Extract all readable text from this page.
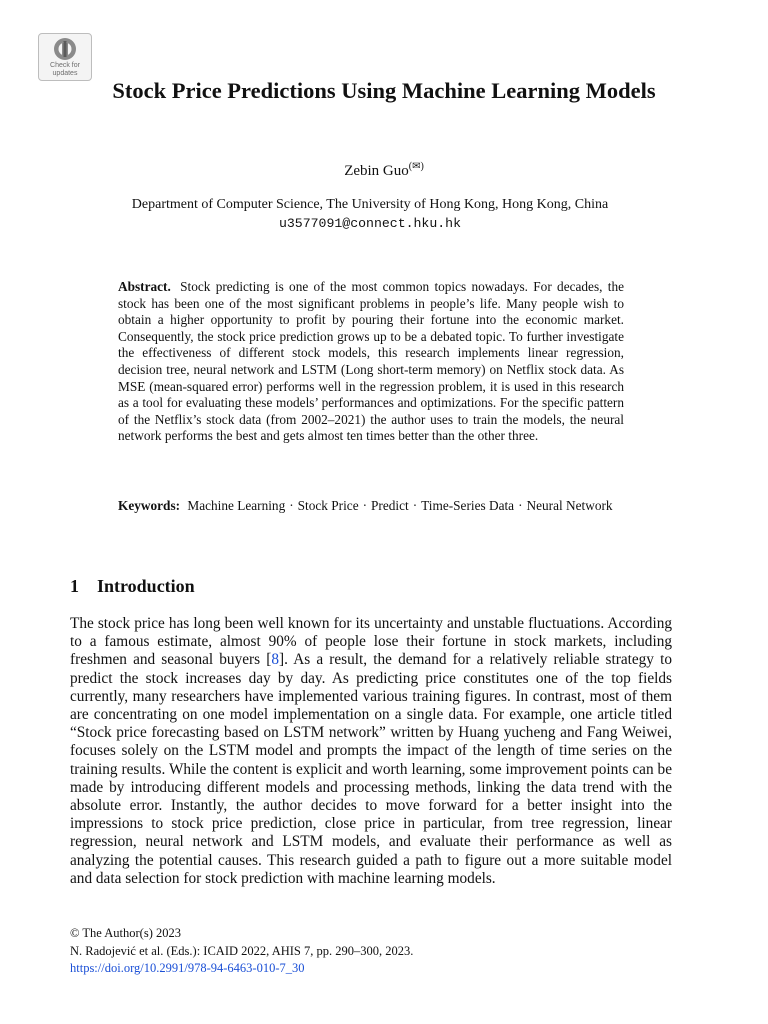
Check for
updates
Stock Price Predictions Using Machine Learning Models
Zebin Guo(✉)
Department of Computer Science, The University of Hong Kong, Hong Kong, China
u3577091@connect.hku.hk
Abstract. Stock predicting is one of the most common topics nowadays. For decades, the stock has been one of the most significant problems in people’s life. Many people wish to obtain a higher opportunity to profit by pouring their fortune into the economic market. Consequently, the stock price prediction grows up to be a debated topic. To further investigate the effectiveness of different stock models, this research implements linear regression, decision tree, neural network and LSTM (Long short-term memory) on Netflix stock data. As MSE (mean-squared error) performs well in the regression problem, it is used in this research as a tool for evaluating these models’ performances and optimizations. For the specific pattern of the Netflix’s stock data (from 2002–2021) the author uses to train the models, the neural network performs the best and gets almost ten times better than the other three.
Keywords: Machine Learning · Stock Price · Predict · Time-Series Data · Neural Network
1 Introduction
The stock price has long been well known for its uncertainty and unstable fluctuations. According to a famous estimate, almost 90% of people lose their fortune in stock markets, including freshmen and seasonal buyers [8]. As a result, the demand for a relatively reliable strategy to predict the stock increases day by day. As predicting price constitutes one of the top fields currently, many researchers have implemented various training figures. In contrast, most of them are concentrating on one model implementation on a single data. For example, one article titled “Stock price forecasting based on LSTM network” written by Huang yucheng and Fang Weiwei, focuses solely on the LSTM model and prompts the impact of the length of time series on the training results. While the content is explicit and worth learning, some improvement points can be made by introducing different models and processing methods, linking the data trend with the absolute error. Instantly, the author decides to move forward for a better insight into the impressions to stock price prediction, close price in particular, from tree regression, linear regression, neural network and LSTM models, and evaluate their performance as well as analyzing the potential causes. This research guided a path to figure out a more suitable model and data selection for stock prediction with machine learning models.
© The Author(s) 2023
N. Radojević et al. (Eds.): ICAID 2022, AHIS 7, pp. 290–300, 2023.
https://doi.org/10.2991/978-94-6463-010-7_30
